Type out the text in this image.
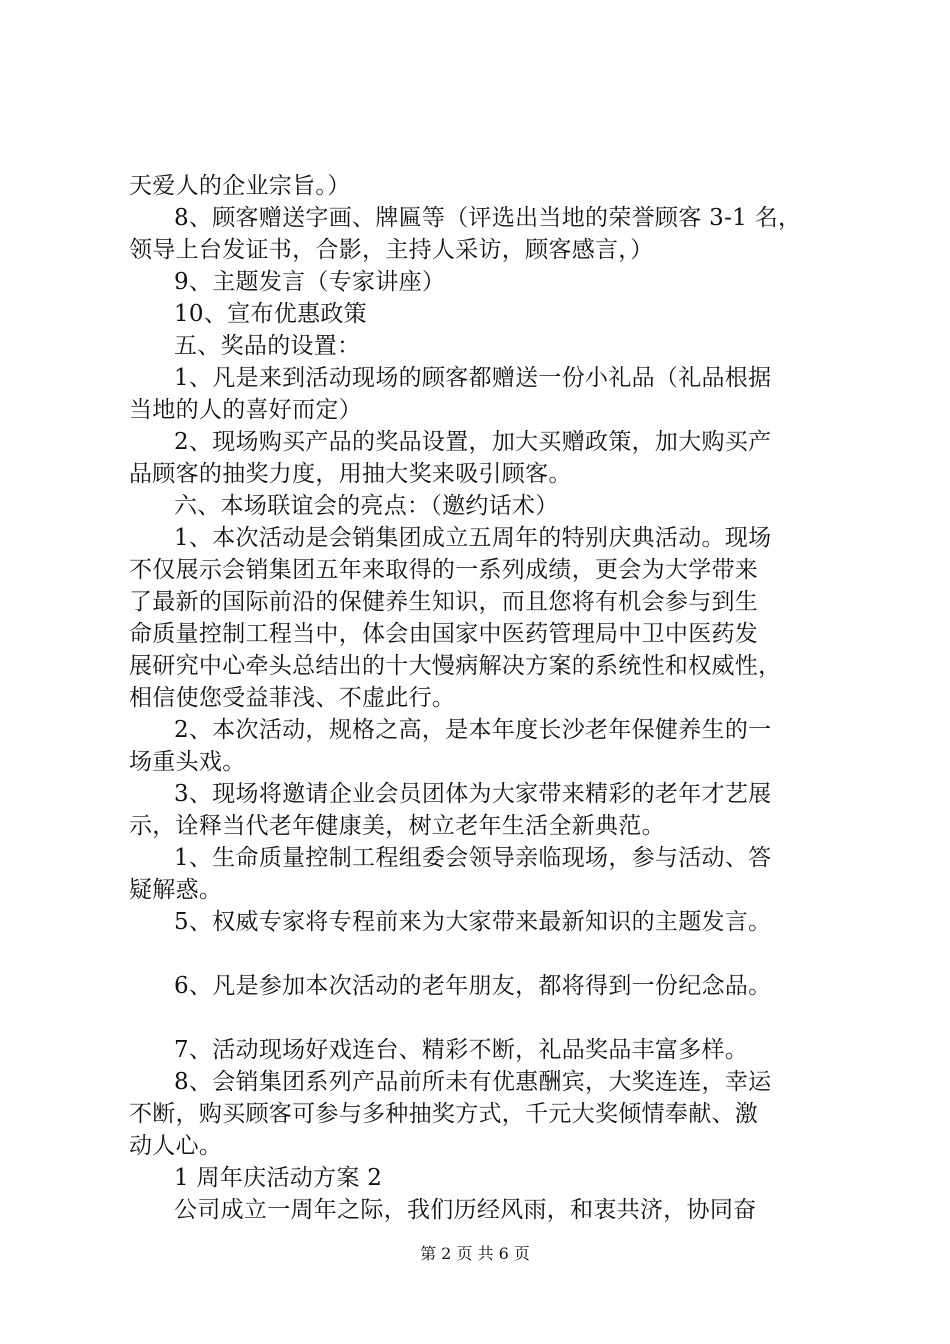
天爱人的企业宗旨。）
8、顾客赠送字画、牌匾等（评选出当地的荣誉顾客 3-1 名，
领导上台发证书，合影，主持人采访，顾客感言，）
9、主题发言（专家讲座）
10、宣布优惠政策
五、奖品的设置：
1、凡是来到活动现场的顾客都赠送一份小礼品（礼品根据
当地的人的喜好而定）
2、现场购买产品的奖品设置，加大买赠政策，加大购买产
品顾客的抽奖力度，用抽大奖来吸引顾客。
六、本场联谊会的亮点：（邀约话术）
1、本次活动是会销集团成立五周年的特别庆典活动。现场
不仅展示会销集团五年来取得的一系列成绩，更会为大学带来
了最新的国际前沿的保健养生知识，而且您将有机会参与到生
命质量控制工程当中，体会由国家中医药管理局中卫中医药发
展研究中心牵头总结出的十大慢病解决方案的系统性和权威性，
相信使您受益菲浅、不虚此行。
2、本次活动，规格之高，是本年度长沙老年保健养生的一
场重头戏。
3、现场将邀请企业会员团体为大家带来精彩的老年才艺展
示，诠释当代老年健康美，树立老年生活全新典范。
1、生命质量控制工程组委会领导亲临现场，参与活动、答
疑解惑。
5、权威专家将专程前来为大家带来最新知识的主题发言。
6、凡是参加本次活动的老年朋友，都将得到一份纪念品。
7、活动现场好戏连台、精彩不断，礼品奖品丰富多样。
8、会销集团系列产品前所未有优惠酬宾，大奖连连，幸运
不断，购买顾客可参与多种抽奖方式，千元大奖倾情奉献、激
动人心。
1 周年庆活动方案 2
公司成立一周年之际，我们历经风雨，和衷共济，协同奋
第 2 页 共 6 页
